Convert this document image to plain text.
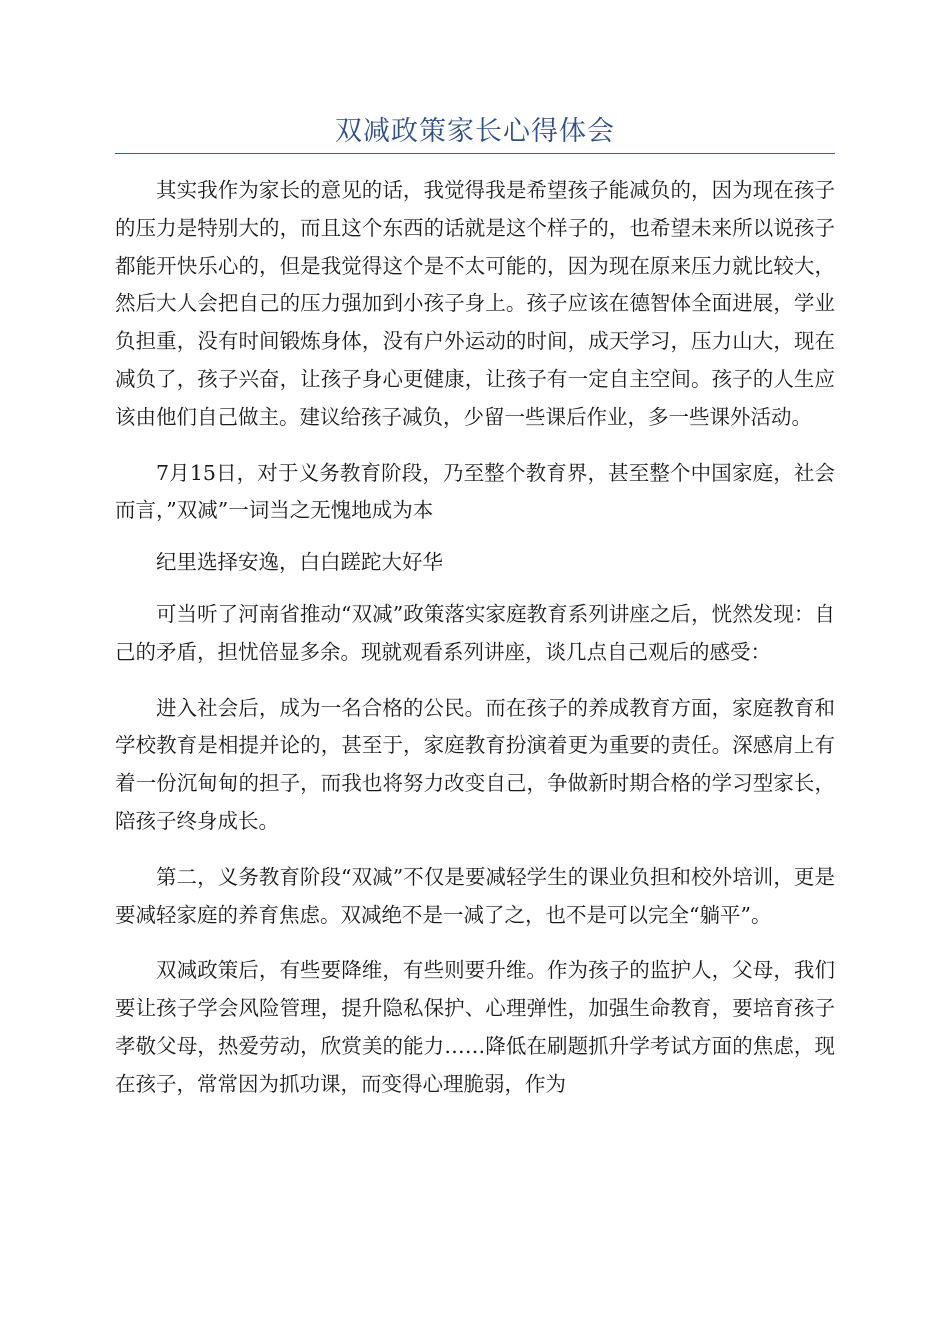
双减政策家长心得体会

其实我作为家长的意见的话，我觉得我是希望孩子能减负的，因为现在孩子的压力是特别大的，而且这个东西的话就是这个样子的，也希望未来所以说孩子都能开快乐心的，但是我觉得这个是不太可能的，因为现在原来压力就比较大，然后大人会把自己的压力强加到小孩子身上。孩子应该在德智体全面进展，学业负担重，没有时间锻炼身体，没有户外运动的时间，成天学习，压力山大，现在减负了，孩子兴奋，让孩子身心更健康，让孩子有一定自主空间。孩子的人生应该由他们自己做主。建议给孩子减负，少留一些课后作业，多一些课外活动。

7月15日，对于义务教育阶段，乃至整个教育界，甚至整个中国家庭，社会而言，”双减”一词当之无愧地成为本

纪里选择安逸，白白蹉跎大好华

可当听了河南省推动“双减”政策落实家庭教育系列讲座之后，恍然发现：自己的矛盾，担忧倍显多余。现就观看系列讲座，谈几点自己观后的感受：

进入社会后，成为一名合格的公民。而在孩子的养成教育方面，家庭教育和学校教育是相提并论的，甚至于，家庭教育扮演着更为重要的责任。深感肩上有着一份沉甸甸的担子，而我也将努力改变自己，争做新时期合格的学习型家长，陪孩子终身成长。

第二，义务教育阶段“双减”不仅是要减轻学生的课业负担和校外培训，更是要减轻家庭的养育焦虑。双减绝不是一减了之，也不是可以完全“躺平”。

双减政策后，有些要降维，有些则要升维。作为孩子的监护人，父母，我们要让孩子学会风险管理，提升隐私保护、心理弹性，加强生命教育，要培育孩子孝敬父母，热爱劳动，欣赏美的能力……降低在刷题抓升学考试方面的焦虑，现在孩子，常常因为抓功课，而变得心理脆弱，作为
